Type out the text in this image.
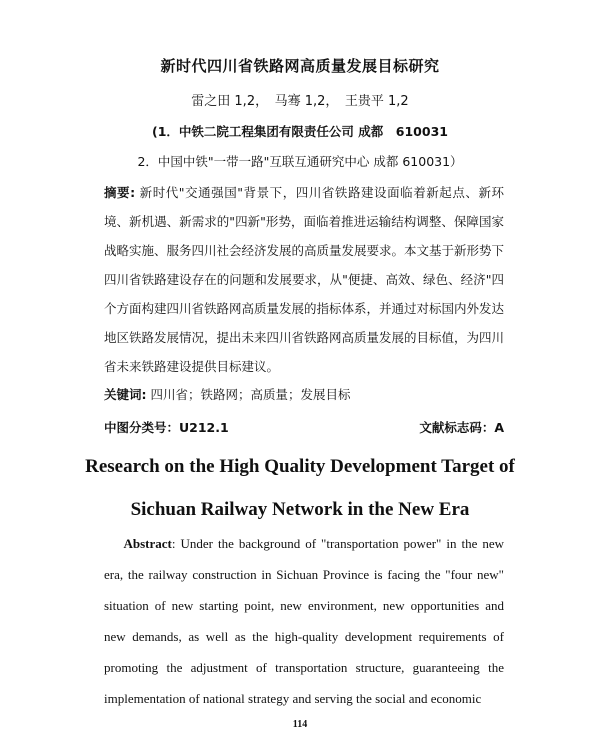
新时代四川省铁路网高质量发展目标研究
雷之田 1,2，　马骞 1,2，　王贵平 1,2
(1．中铁二院工程集团有限责任公司 成都　610031
2．中国中铁"一带一路"互联互通研究中心 成都 610031）
摘要: 新时代"交通强国"背景下，四川省铁路建设面临着新起点、新环境、新机遇、新需求的"四新"形势，面临着推进运输结构调整、保障国家战略实施、服务四川社会经济发展的高质量发展要求。本文基于新形势下四川省铁路建设存在的问题和发展要求，从"便捷、高效、绿色、经济"四个方面构建四川省铁路网高质量发展的指标体系，并通过对标国内外发达地区铁路发展情况，提出未来四川省铁路网高质量发展的目标值，为四川省未来铁路建设提供目标建议。
关键词: 四川省；铁路网；高质量；发展目标
中图分类号：U212.1	文献标志码：A
Research on the High Quality Development Target of
Sichuan Railway Network in the New Era
  Abstract: Under the background of "transportation power" in the new era, the railway construction in Sichuan Province is facing the "four new" situation of new starting point, new environment, new opportunities and new demands, as well as the high-quality development requirements of promoting the adjustment of transportation structure, guaranteeing the implementation of national strategy and serving the social and economic
114
